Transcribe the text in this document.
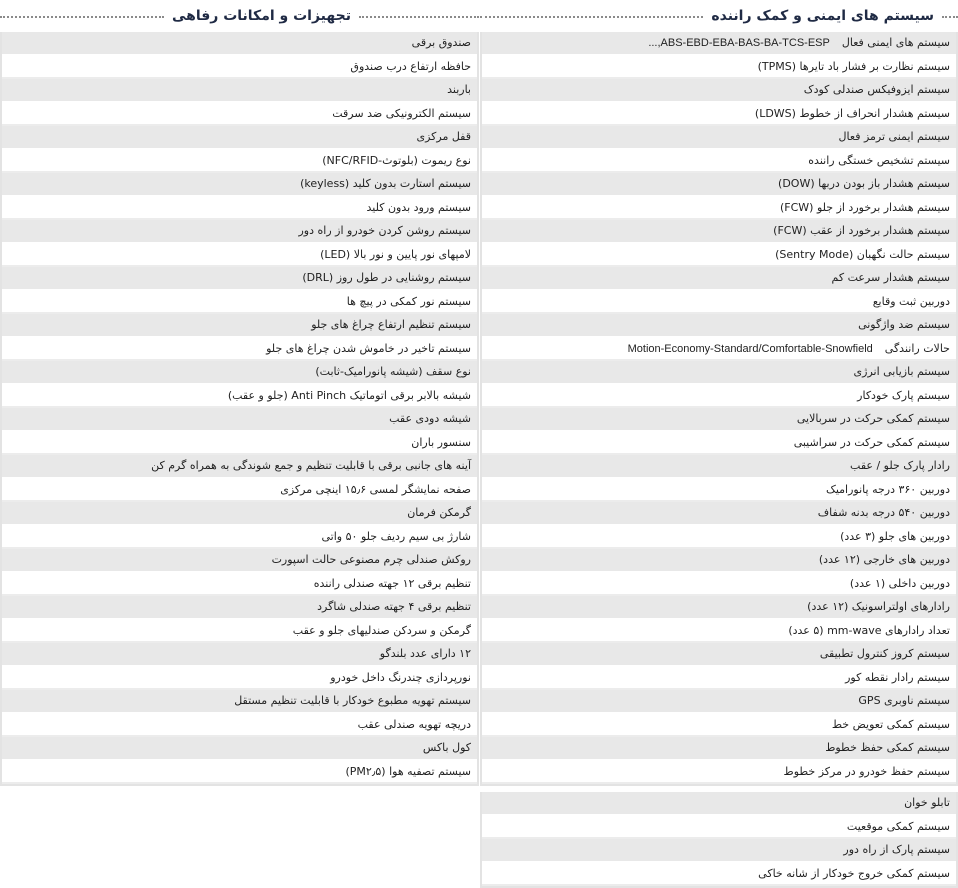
سیستم های ایمنی و کمک راننده
سیستم های ایمنی فعالABS-EBD-EBA-BAS-BA-TCS-ESP,...
سیستم نظارت بر فشار باد تایرها (TPMS)
سیستم ایزوفیکس صندلی کودک
سیستم هشدار انحراف از خطوط (LDWS)
سیستم ایمنی ترمز فعال
سیستم تشخیص خستگی راننده
سیستم هشدار باز بودن دربها (DOW)
سیستم هشدار برخورد از جلو (FCW)
سیستم هشدار برخورد از عقب (FCW)
سیستم حالت نگهبان (Sentry Mode)
سیستم هشدار سرعت کم
دوربین ثبت وقایع
سیستم ضد واژگونی
حالات رانندگیMotion-Economy-Standard/Comfortable-Snowfield
سیستم بازیابی انرژی
سیستم پارک خودکار
سیستم کمکی حرکت در سربالایی
سیستم کمکی حرکت در سراشیبی
رادار پارک جلو / عقب
دوربین ۳۶۰ درجه پانورامیک
دوربین ۵۴۰ درجه بدنه شفاف
دوربین های جلو (۳ عدد)
دوربین های خارجی (۱۲ عدد)
دوربین داخلی (۱ عدد)
رادارهای اولتراسونیک (۱۲ عدد)
تعداد رادارهای mm-wave (۵ عدد)
سیستم کروز کنترول تطبیقی
سیستم رادار نقطه کور
سیستم ناوبری GPS
سیستم کمکی تعویض خط
سیستم کمکی حفظ خطوط
سیستم حفظ خودرو در مرکز خطوط
تابلو خوان
سیستم کمکی موقعیت
سیستم پارک از راه دور
سیستم کمکی خروج خودکار از شانه خاکی
تجهیزات و امکانات رفاهی
صندوق برقی
حافظه ارتفاع درب صندوق
باربند
سیستم الکترونیکی ضد سرقت
قفل مرکزی
نوع ریموت (بلوتوث-NFC/RFID)
سیستم استارت بدون کلید (keyless)
سیستم ورود بدون کلید
سیستم روشن کردن خودرو از راه دور
لامپهای نور پایین و نور بالا (LED)
سیستم روشنایی در طول روز (DRL)
سیستم نور کمکی در پیچ ها
سیستم تنظیم ارتفاع چراغ های جلو
سیستم تاخیر در خاموش شدن چراغ های جلو
نوع سقف (شیشه پانورامیک-ثابت)
شیشه بالابر برقی اتوماتیک Anti Pinch (جلو و عقب)
شیشه دودی عقب
سنسور باران
آینه های جانبی برقی با قابلیت تنظیم و جمع شوندگی به همراه گرم کن
صفحه نمایشگر لمسی ۱۵٫۶ اینچی مرکزی
گرمکن فرمان
شارژ بی سیم ردیف جلو ۵۰ واتی
روکش صندلی چرم مصنوعی حالت اسپورت
تنظیم برقی ۱۲ جهته صندلی راننده
تنظیم برقی ۴ جهته صندلی شاگرد
گرمکن و سردکن صندلیهای جلو و عقب
۱۲ دارای عدد بلندگو
نورپردازی چندرنگ داخل خودرو
سیستم تهویه مطبوع خودکار با قابلیت تنظیم مستقل
دریچه تهویه صندلی عقب
کول باکس
سیستم تصفیه هوا (PM۲٫۵)
